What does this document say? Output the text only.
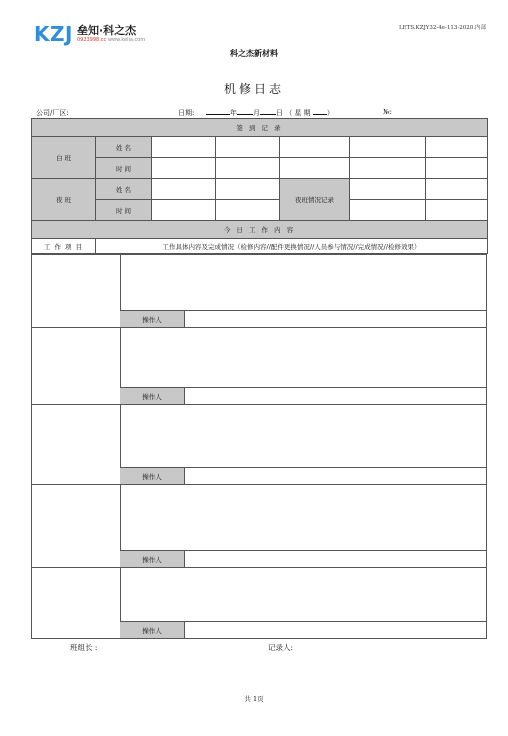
KZJ 垒知·科之杰
0923998.cc www.kelia.com
LETS.KZJY32-4e-113-2020.内部
科之杰新材料
机修日志
公司/厂区:	日期:	年 月 日 （ 星 期 ）	№:
签 到 记 录						
白 班	姓 名					
	时 间					
夜 班	姓 名			夜班情况记录		
	时 间					
今 日 工 作 内 容						
工 作 项 目	工作具体内容及完成情况（检修内容//配件更换情况//人员参与情况//完成情况//检修效果）					
操作人
操作人
操作人
操作人
操作人
班组长 :	记录人:
共 1页
